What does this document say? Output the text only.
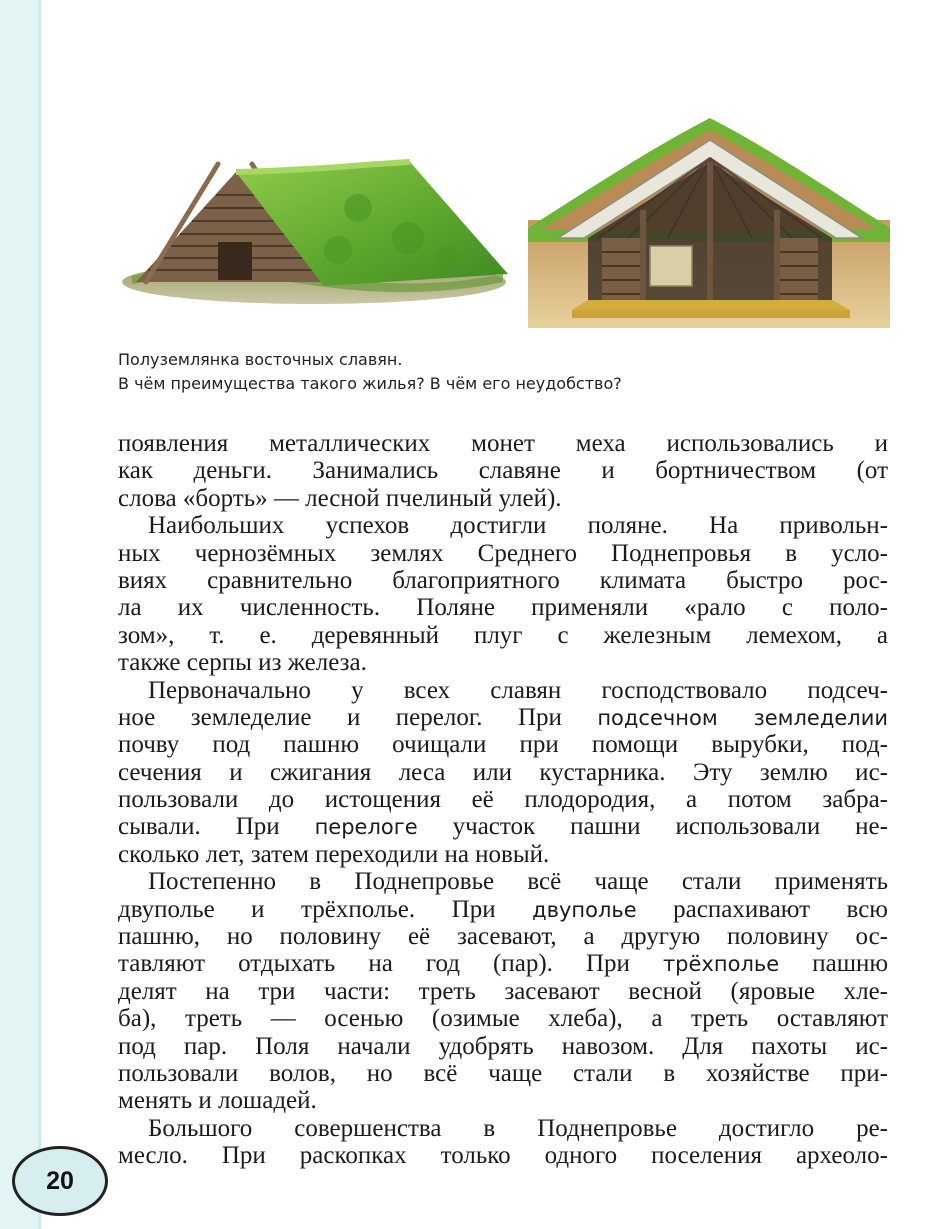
Полуземлянка восточных славян.
В чём преимущества такого жилья? В чём его неудобство?
появления металлических монет меха использовались и
как деньги. Занимались славяне и бортничеством (от
слова «борть» — лесной пчелиный улей).
Наибольших успехов достигли поляне. На привольн-
ных чернозёмных землях Среднего Поднепровья в усло-
виях сравнительно благоприятного климата быстро рос-
ла их численность. Поляне применяли «рало с поло-
зом», т. е. деревянный плуг с железным лемехом, а
также серпы из железа.
Первоначально у всех славян господствовало подсеч-
ное земледелие и перелог. При подсечном земледелии
почву под пашню очищали при помощи вырубки, под-
сечения и сжигания леса или кустарника. Эту землю ис-
пользовали до истощения её плодородия, а потом забра-
сывали. При перелоге участок пашни использовали не-
сколько лет, затем переходили на новый.
Постепенно в Поднепровье всё чаще стали применять
двуполье и трёхполье. При двуполье распахивают всю
пашню, но половину её засевают, а другую половину ос-
тавляют отдыхать на год (пар). При трёхполье пашню
делят на три части: треть засевают весной (яровые хле-
ба), треть — осенью (озимые хлеба), а треть оставляют
под пар. Поля начали удобрять навозом. Для пахоты ис-
пользовали волов, но всё чаще стали в хозяйстве при-
менять и лошадей.
Большого совершенства в Поднепровье достигло ре-
месло. При раскопках только одного поселения археоло-
20
